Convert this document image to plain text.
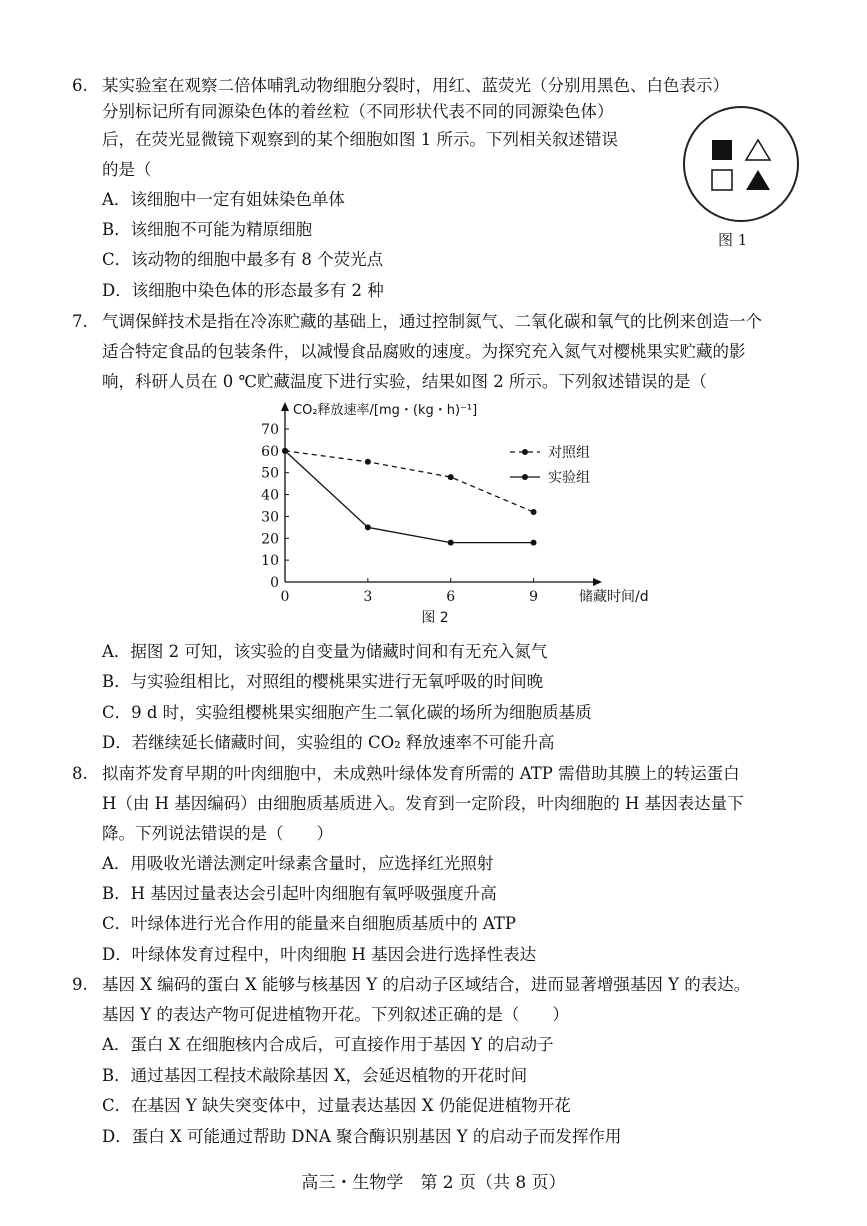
6. 某实验室在观察二倍体哺乳动物细胞分裂时，用红、蓝荧光（分别用黑色、白色表示）
分别标记所有同源染色体的着丝粒（不同形状代表不同的同源染色体）
后，在荧光显微镜下观察到的某个细胞如图 1 所示。下列相关叙述错误
的是（
A．该细胞中一定有姐妹染色单体
B．该细胞不可能为精原细胞
C．该动物的细胞中最多有 8 个荧光点
D．该细胞中染色体的形态最多有 2 种
图 1
7. 气调保鲜技术是指在冷冻贮藏的基础上，通过控制氮气、二氧化碳和氧气的比例来创造一个
适合特定食品的包装条件，以减慢食品腐败的速度。为探究充入氮气对樱桃果实贮藏的影
响，科研人员在 0 ℃贮藏温度下进行实验，结果如图 2 所示。下列叙述错误的是（
0
10
20
30
40
50
60
70
0	3	6	9
CO₂释放速率/[mg・(kg・h)⁻¹]
储藏时间/d
对照组
实验组
图 2
A．据图 2 可知，该实验的自变量为储藏时间和有无充入氮气
B．与实验组相比，对照组的樱桃果实进行无氧呼吸的时间晚
C．9 d 时，实验组樱桃果实细胞产生二氧化碳的场所为细胞质基质
D．若继续延长储藏时间，实验组的 CO₂ 释放速率不可能升高
8. 拟南芥发育早期的叶肉细胞中，未成熟叶绿体发育所需的 ATP 需借助其膜上的转运蛋白
H（由 H 基因编码）由细胞质基质进入。发育到一定阶段，叶肉细胞的 H 基因表达量下
降。下列说法错误的是（　　）
A．用吸收光谱法测定叶绿素含量时，应选择红光照射
B．H 基因过量表达会引起叶肉细胞有氧呼吸强度升高
C．叶绿体进行光合作用的能量来自细胞质基质中的 ATP
D．叶绿体发育过程中，叶肉细胞 H 基因会进行选择性表达
9. 基因 X 编码的蛋白 X 能够与核基因 Y 的启动子区域结合，进而显著增强基因 Y 的表达。
基因 Y 的表达产物可促进植物开花。下列叙述正确的是（　　）
A．蛋白 X 在细胞核内合成后，可直接作用于基因 Y 的启动子
B．通过基因工程技术敲除基因 X，会延迟植物的开花时间
C．在基因 Y 缺失突变体中，过量表达基因 X 仍能促进植物开花
D．蛋白 X 可能通过帮助 DNA 聚合酶识别基因 Y 的启动子而发挥作用
高三・生物学　第 2 页（共 8 页）
